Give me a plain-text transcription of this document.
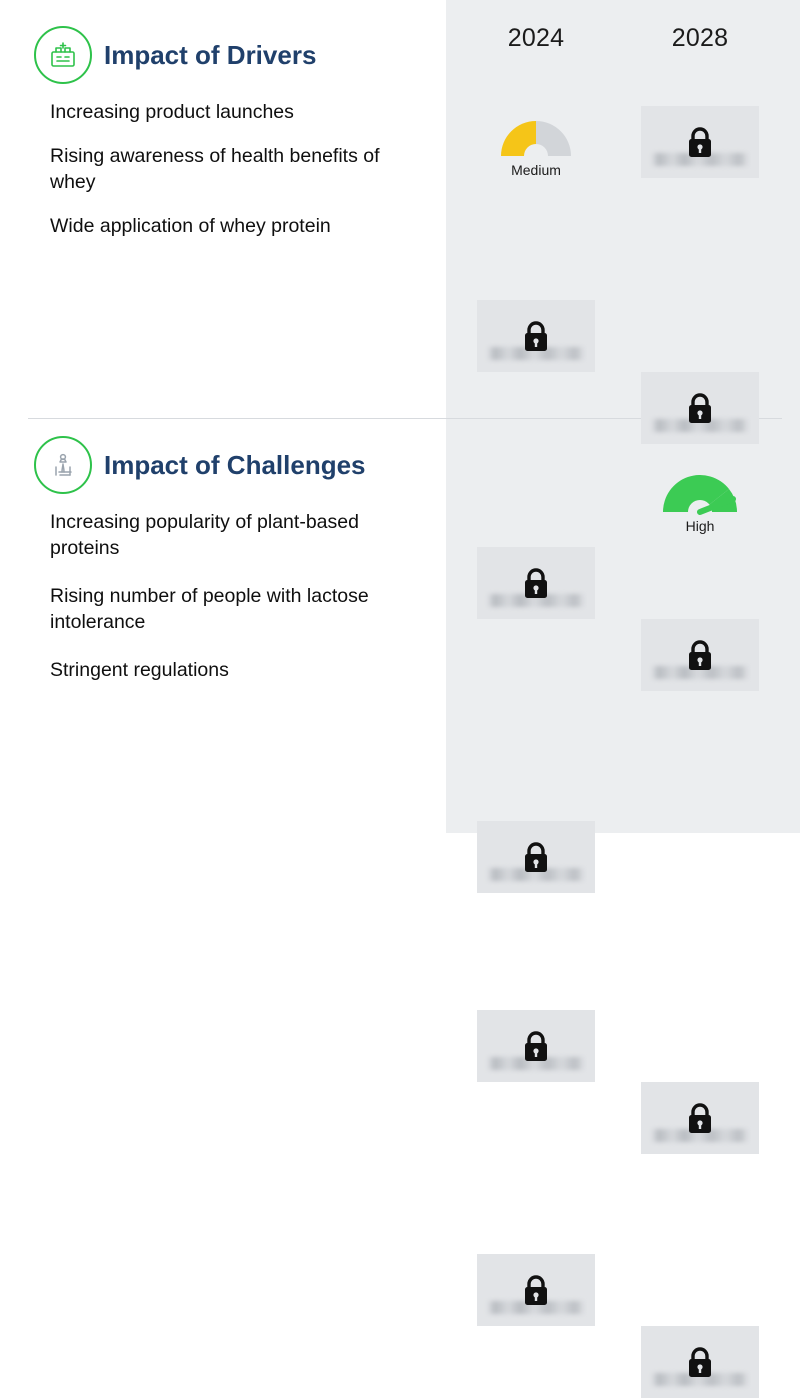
2024	2028
Impact of Drivers
Increasing product launches
Rising awareness of health benefits of whey
Wide application of whey protein
Medium
Impact of Challenges
Increasing popularity of plant-based proteins
Rising number of people with lactose intolerance
Stringent regulations
High
